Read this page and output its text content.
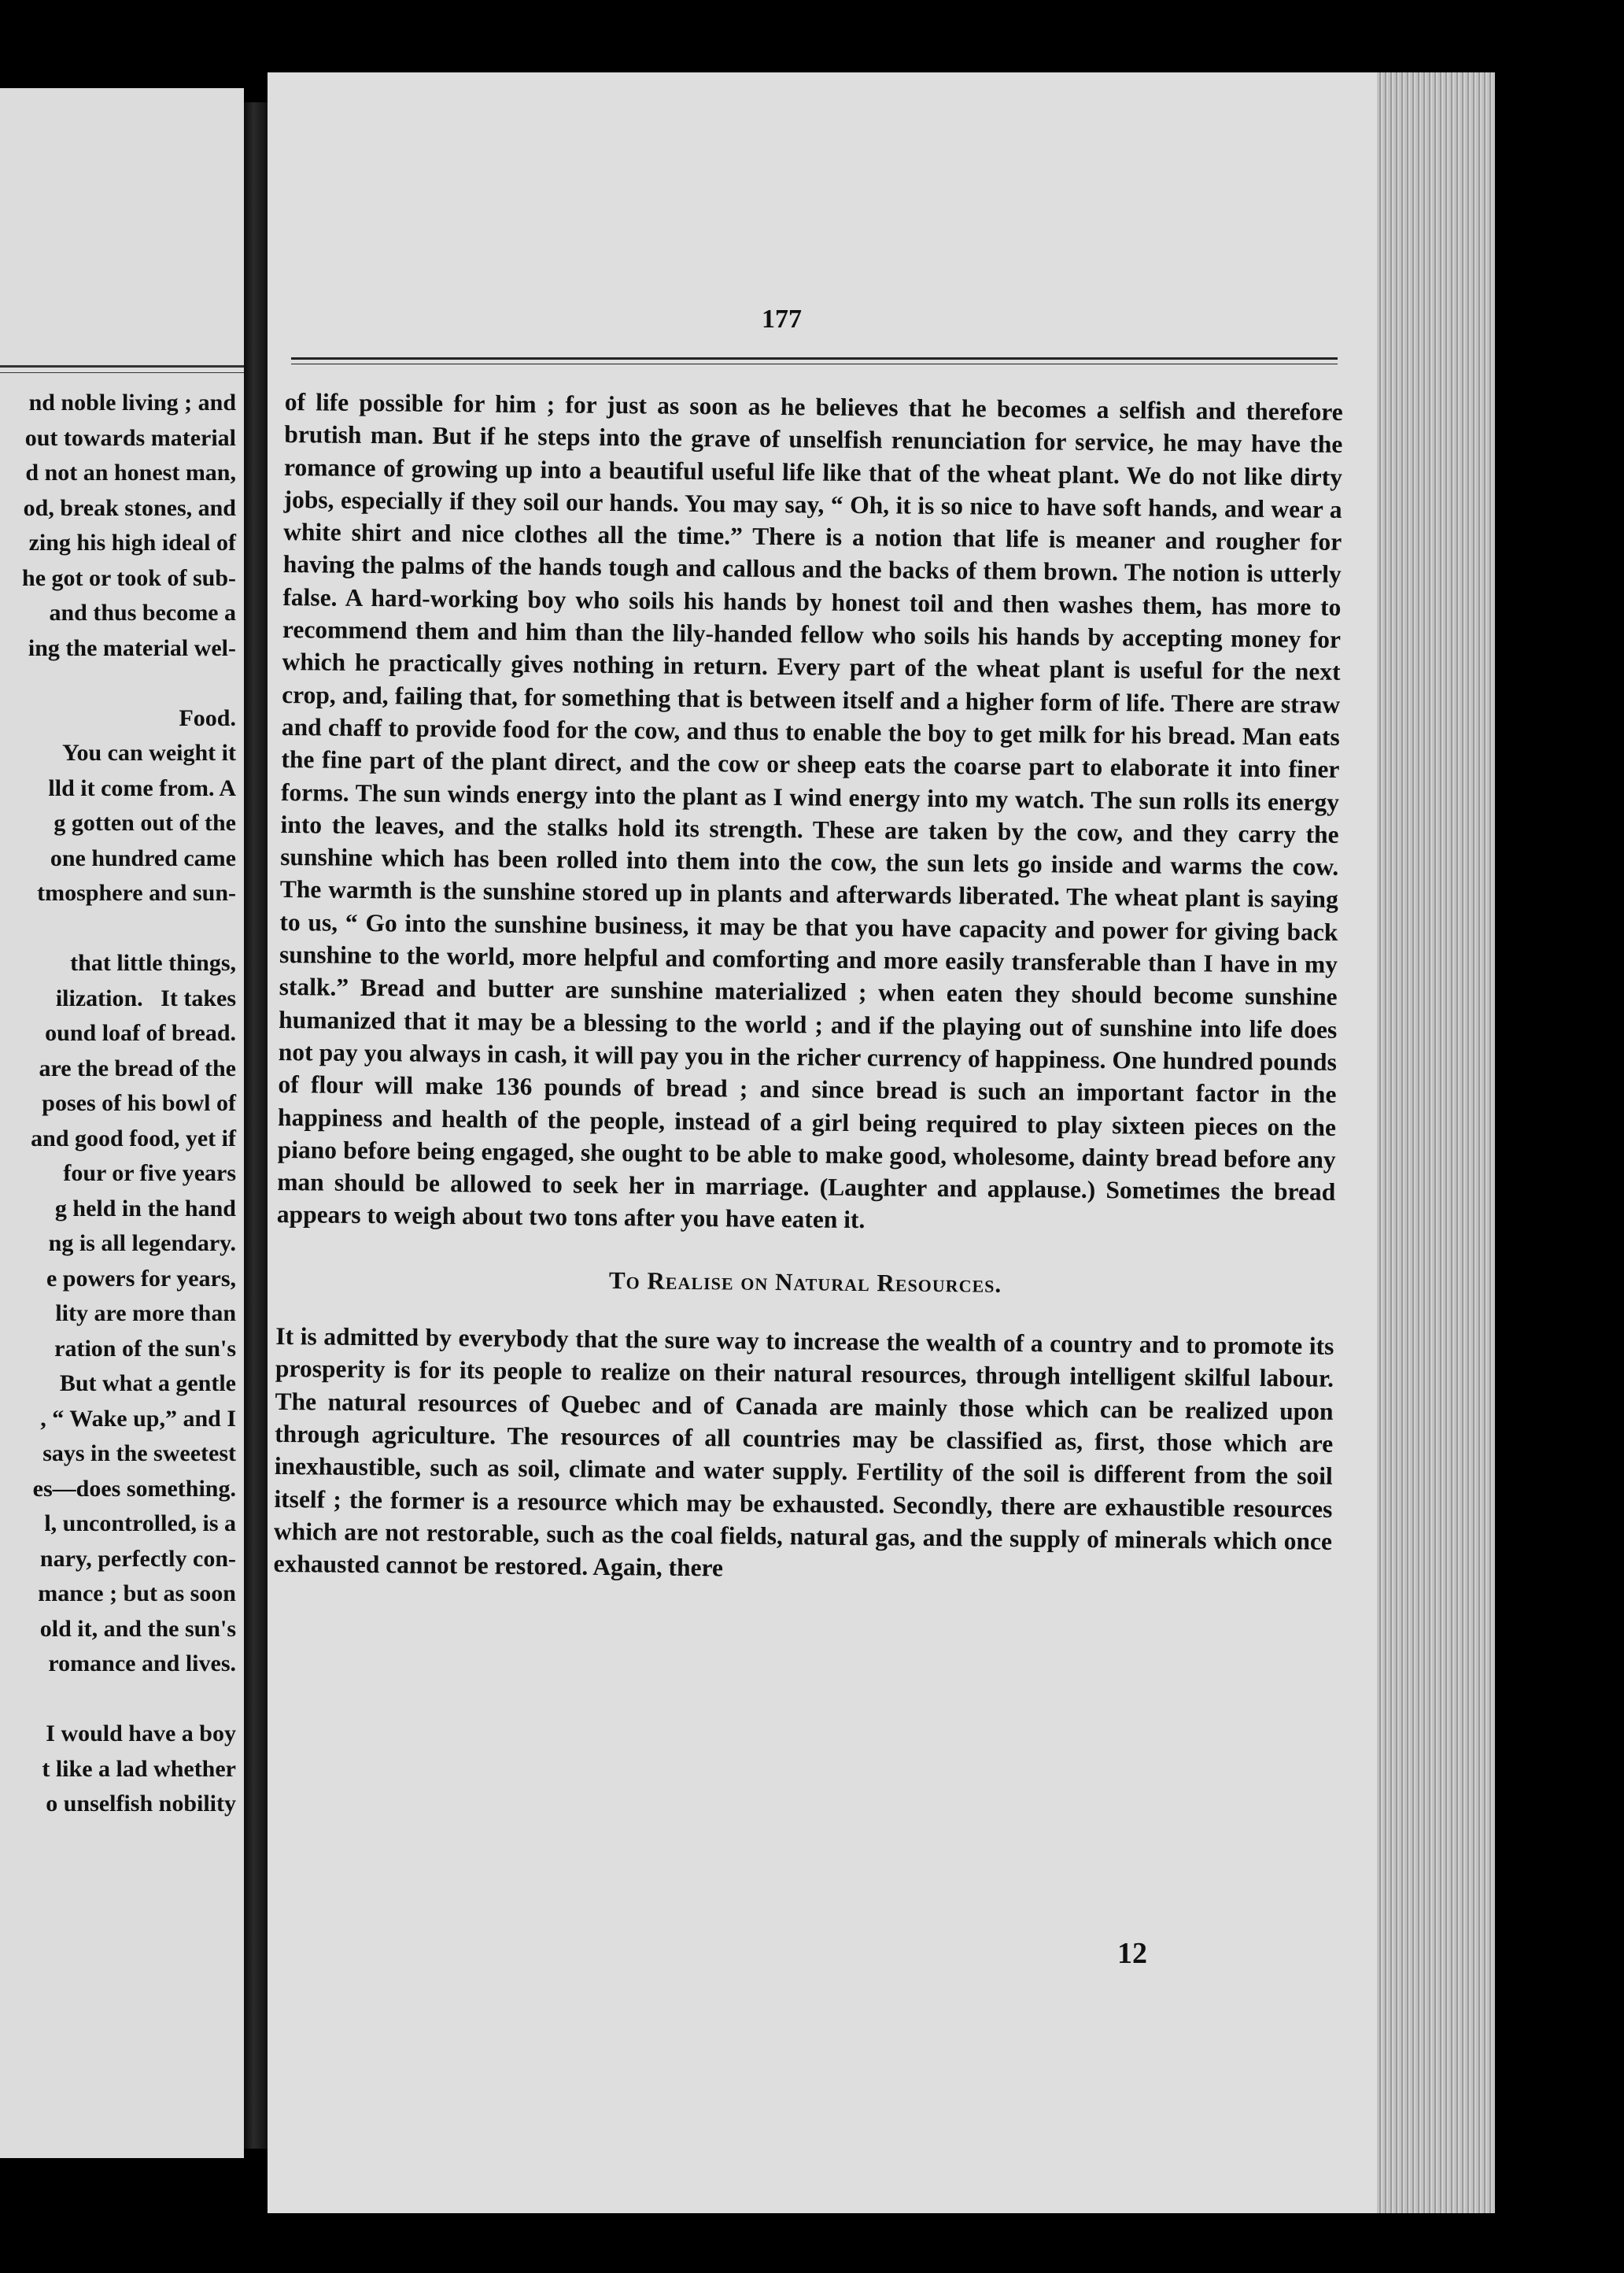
nd noble living ; and
out towards material
d not an honest man,
od, break stones, and
zing his high ideal of
he got or took of sub-
and thus become a
ing the material wel-

Food.
You can weight it
lld it come from. A
g gotten out of the
one hundred came
tmosphere and sun-

that little things,
ilization.   It takes
ound loaf of bread.
are the bread of the
poses of his bowl of
and good food, yet if
four or five years
g held in the hand
ng is all legendary.
e powers for years,
lity are more than
ration of the sun's
But what a gentle
, “ Wake up,” and I
says in the sweetest
es—does something.
l, uncontrolled, is a
nary, perfectly con-
mance ; but as soon
old it, and the sun's
romance and lives.

I would have a boy
t like a lad whether
o unselfish nobility
177

of life possible for him ; for just as soon as he believes that he becomes a selfish and therefore brutish man. But if he steps into the grave of unselfish renunciation for service, he may have the romance of growing up into a beautiful useful life like that of the wheat plant. We do not like dirty jobs, especially if they soil our hands. You may say, “ Oh, it is so nice to have soft hands, and wear a white shirt and nice clothes all the time.” There is a notion that life is meaner and rougher for having the palms of the hands tough and callous and the backs of them brown. The notion is utterly false. A hard-working boy who soils his hands by honest toil and then washes them, has more to recommend them and him than the lily-handed fellow who soils his hands by accepting money for which he practically gives nothing in return. Every part of the wheat plant is useful for the next crop, and, failing that, for something that is between itself and a higher form of life. There are straw and chaff to provide food for the cow, and thus to enable the boy to get milk for his bread. Man eats the fine part of the plant direct, and the cow or sheep eats the coarse part to elaborate it into finer forms. The sun winds energy into the plant as I wind energy into my watch. The sun rolls its energy into the leaves, and the stalks hold its strength. These are taken by the cow, and they carry the sunshine which has been rolled into them into the cow, the sun lets go inside and warms the cow. The warmth is the sunshine stored up in plants and afterwards liberated. The wheat plant is saying to us, “ Go into the sunshine business, it may be that you have capacity and power for giving back sunshine to the world, more helpful and comforting and more easily transferable than I have in my stalk.” Bread and butter are sunshine materialized ; when eaten they should become sunshine humanized that it may be a blessing to the world ; and if the playing out of sunshine into life does not pay you always in cash, it will pay you in the richer currency of happiness. One hundred pounds of flour will make 136 pounds of bread ; and since bread is such an important factor in the happiness and health of the people, instead of a girl being required to play sixteen pieces on the piano before being engaged, she ought to be able to make good, wholesome, dainty bread before any man should be allowed to seek her in marriage. (Laughter and applause.) Sometimes the bread appears to weigh about two tons after you have eaten it.

To Realise on Natural Resources.

It is admitted by everybody that the sure way to increase the wealth of a country and to promote its prosperity is for its people to realize on their natural resources, through intelligent skilful labour. The natural resources of Quebec and of Canada are mainly those which can be realized upon through agriculture. The resources of all countries may be classified as, first, those which are inexhaustible, such as soil, climate and water supply. Fertility of the soil is different from the soil itself ; the former is a resource which may be exhausted. Secondly, there are exhaustible resources which are not restorable, such as the coal fields, natural gas, and the supply of minerals which once exhausted cannot be restored. Again, there

12
